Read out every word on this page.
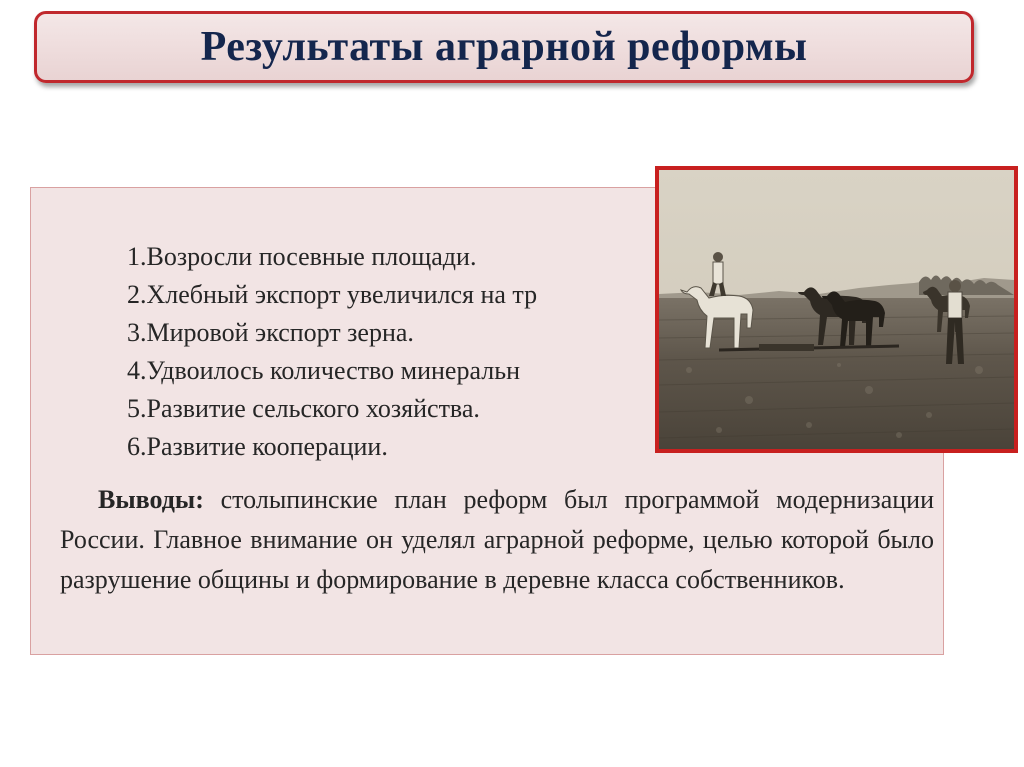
Результаты аграрной реформы
1.Возросли посевные площади.
2.Хлебный экспорт увеличился на тр
3.Мировой экспорт зерна.
4.Удвоилось количество минеральн
5.Развитие сельского хозяйства.
6.Развитие кооперации.

Выводы: столыпинские план реформ был программой модернизации России. Главное внимание он уделял аграрной реформе, целью которой было разрушение общины и формирование в деревне класса собственников.
